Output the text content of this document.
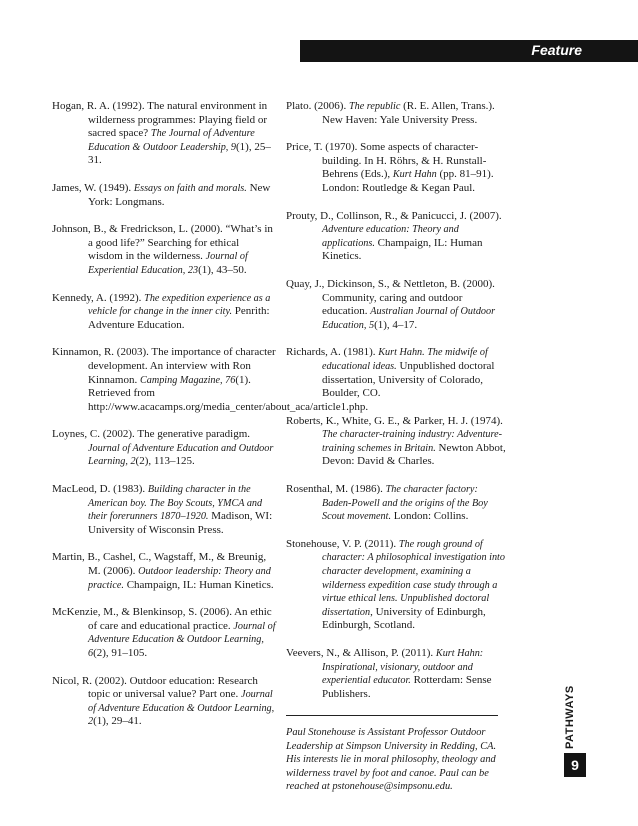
Feature

Hogan, R. A. (1992). The natural environment in wilderness programmes: Playing field or sacred space? The Journal of Adventure Education & Outdoor Leadership, 9(1), 25–31.

James, W. (1949). Essays on faith and morals. New York: Longmans.

Johnson, B., & Fredrickson, L. (2000). “What’s in a good life?” Searching for ethical wisdom in the wilderness. Journal of Experiential Education, 23(1), 43–50.

Kennedy, A. (1992). The expedition experience as a vehicle for change in the inner city. Penrith: Adventure Education.

Kinnamon, R. (2003). The importance of character development. An interview with Ron Kinnamon. Camping Magazine, 76(1). Retrieved from http://www.acacamps.org/media_center/about_aca/article1.php.

Loynes, C. (2002). The generative paradigm. Journal of Adventure Education and Outdoor Learning, 2(2), 113–125.

MacLeod, D. (1983). Building character in the American boy. The Boy Scouts, YMCA and their forerunners 1870–1920. Madison, WI: University of Wisconsin Press.

Martin, B., Cashel, C., Wagstaff, M., & Breunig, M. (2006). Outdoor leadership: Theory and practice. Champaign, IL: Human Kinetics.

McKenzie, M., & Blenkinsop, S. (2006). An ethic of care and educational practice. Journal of Adventure Education & Outdoor Learning, 6(2), 91–105.

Nicol, R. (2002). Outdoor education: Research topic or universal value? Part one. Journal of Adventure Education & Outdoor Learning, 2(1), 29–41.

Plato. (2006). The republic (R. E. Allen, Trans.). New Haven: Yale University Press.

Price, T. (1970). Some aspects of character-building. In H. Röhrs, & H. Runstall-Behrens (Eds.), Kurt Hahn (pp. 81–91). London: Routledge & Kegan Paul.

Prouty, D., Collinson, R., & Panicucci, J. (2007). Adventure education: Theory and applications. Champaign, IL: Human Kinetics.

Quay, J., Dickinson, S., & Nettleton, B. (2000). Community, caring and outdoor education. Australian Journal of Outdoor Education, 5(1), 4–17.

Richards, A. (1981). Kurt Hahn. The midwife of educational ideas. Unpublished doctoral dissertation, University of Colorado, Boulder, CO.

Roberts, K., White, G. E., & Parker, H. J. (1974). The character-training industry: Adventure-training schemes in Britain. Newton Abbot, Devon: David & Charles.

Rosenthal, M. (1986). The character factory: Baden-Powell and the origins of the Boy Scout movement. London: Collins.

Stonehouse, V. P. (2011). The rough ground of character: A philosophical investigation into character development, examining a wilderness expedition case study through a virtue ethical lens. Unpublished doctoral dissertation, University of Edinburgh, Edinburgh, Scotland.

Veevers, N., & Allison, P. (2011). Kurt Hahn: Inspirational, visionary, outdoor and experiential educator. Rotterdam: Sense Publishers.

Paul Stonehouse is Assistant Professor Outdoor Leadership at Simpson University in Redding, CA. His interests lie in moral philosophy, theology and wilderness travel by foot and canoe. Paul can be reached at pstonehouse@simpsonu.edu.

PATHWAYS
9
